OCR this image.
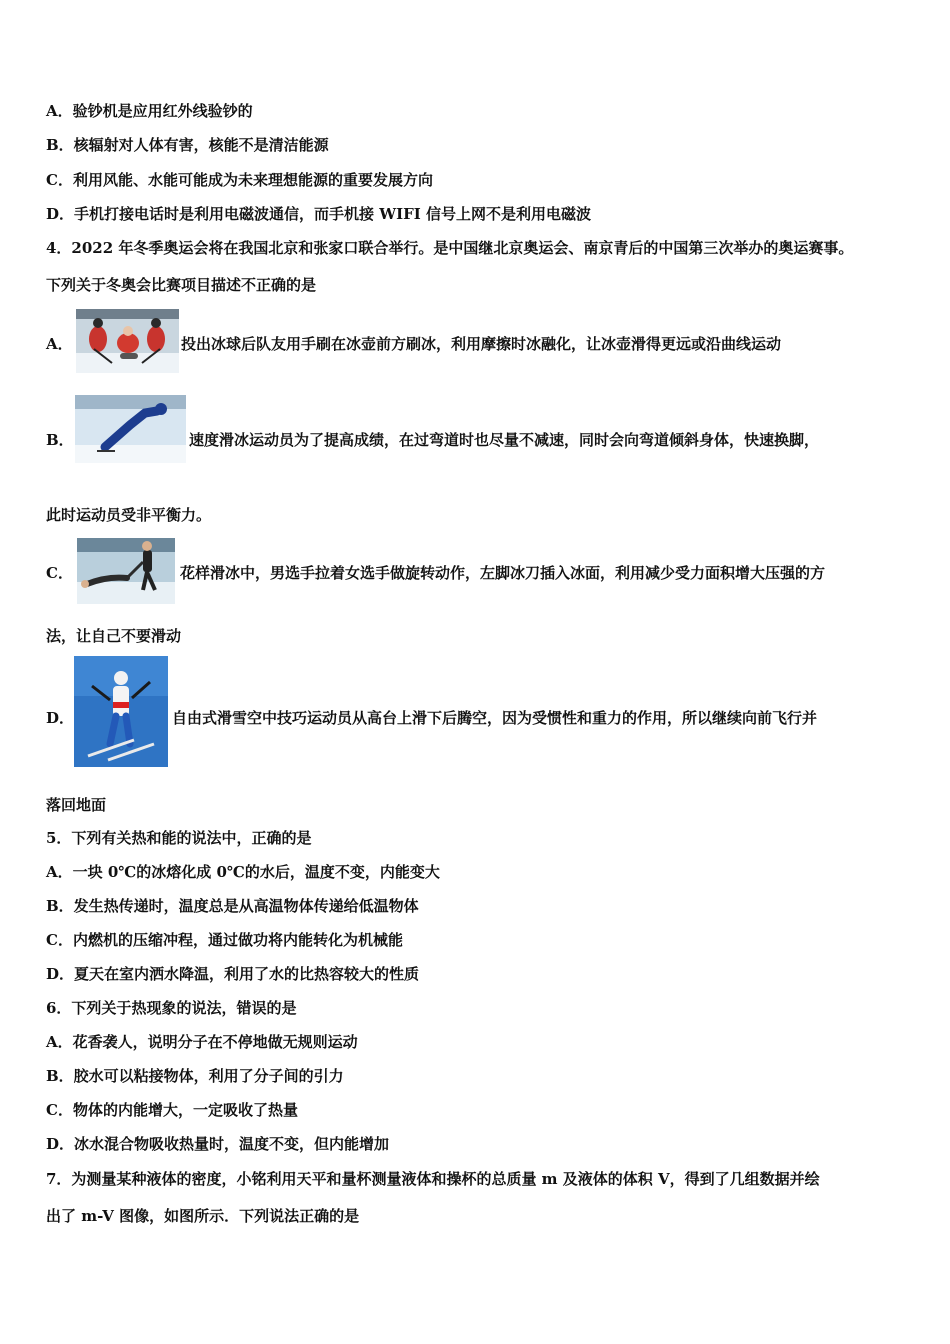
A．验钞机是应用红外线验钞的
B．核辐射对人体有害，核能不是清洁能源
C．利用风能、水能可能成为未来理想能源的重要发展方向
D．手机打接电话时是利用电磁波通信，而手机接 WIFI 信号上网不是利用电磁波
4．2022 年冬季奥运会将在我国北京和张家口联合举行。是中国继北京奥运会、南京青后的中国第三次举办的奥运赛事。
下列关于冬奥会比赛项目描述不正确的是
A．	投出冰球后队友用手刷在冰壶前方刷冰，利用摩擦时冰融化，让冰壶滑得更远或沿曲线运动
B．	速度滑冰运动员为了提高成绩，在过弯道时也尽量不减速，同时会向弯道倾斜身体，快速换脚，
此时运动员受非平衡力。
C．	花样滑冰中，男选手拉着女选手做旋转动作，左脚冰刀插入冰面，利用减少受力面积增大压强的方
法，让自己不要滑动
D．	自由式滑雪空中技巧运动员从高台上滑下后腾空，因为受惯性和重力的作用，所以继续向前飞行并
落回地面
5．下列有关热和能的说法中，正确的是
A．一块 0℃的冰熔化成 0℃的水后，温度不变，内能变大
B．发生热传递时，温度总是从高温物体传递给低温物体
C．内燃机的压缩冲程，通过做功将内能转化为机械能
D．夏天在室内洒水降温，利用了水的比热容较大的性质
6．下列关于热现象的说法，错误的是
A．花香袭人，说明分子在不停地做无规则运动
B．胶水可以粘接物体，利用了分子间的引力
C．物体的内能增大，一定吸收了热量
D．冰水混合物吸收热量时，温度不变，但内能增加
7．为测量某种液体的密度，小铭利用天平和量杯测量液体和操杯的总质量 m 及液体的体积 V，得到了几组数据并绘
出了 m-V 图像，如图所示．下列说法正确的是
